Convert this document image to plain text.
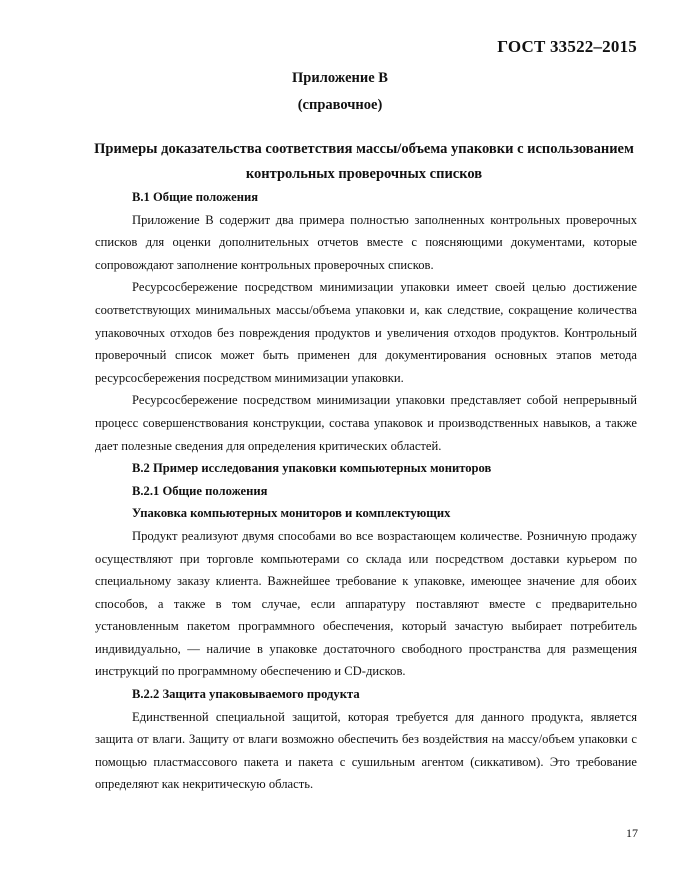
ГОСТ 33522–2015
Приложение В
(справочное)
Примеры доказательства соответствия массы/объема упаковки с использованием контрольных проверочных списков

В.1 Общие положения

Приложение В содержит два примера полностью заполненных контрольных проверочных списков для оценки дополнительных отчетов вместе с поясняющими документами, которые сопровождают заполнение контрольных проверочных списков.

Ресурсосбережение посредством минимизации упаковки имеет своей целью достижение соответствующих минимальных массы/объема упаковки и, как следствие, сокращение количества упаковочных отходов без повреждения продуктов и увеличения отходов продуктов. Контрольный проверочный список может быть применен для документирования основных этапов метода ресурсосбережения посредством минимизации упаковки.

Ресурсосбережение посредством минимизации упаковки представляет собой непрерывный процесс совершенствования конструкции, состава упаковок и производственных навыков, а также дает полезные сведения для определения критических областей.

В.2 Пример исследования упаковки компьютерных мониторов

В.2.1 Общие положения

Упаковка компьютерных мониторов и комплектующих

Продукт реализуют двумя способами во все возрастающем количестве. Розничную продажу осуществляют при торговле компьютерами со склада или посредством доставки курьером по специальному заказу клиента. Важнейшее требование к упаковке, имеющее значение для обоих способов, а также в том случае, если аппаратуру поставляют вместе с предварительно установленным пакетом программного обеспечения, который зачастую выбирает потребитель индивидуально, — наличие в упаковке достаточного свободного пространства для размещения инструкций по программному обеспечению и CD-дисков.

В.2.2 Защита упаковываемого продукта

Единственной специальной защитой, которая требуется для данного продукта, является защита от влаги. Защиту от влаги возможно обеспечить без воздействия на массу/объем упаковки с помощью пластмассового пакета и пакета с сушильным агентом (сиккативом). Это требование определяют как некритическую область.

17
